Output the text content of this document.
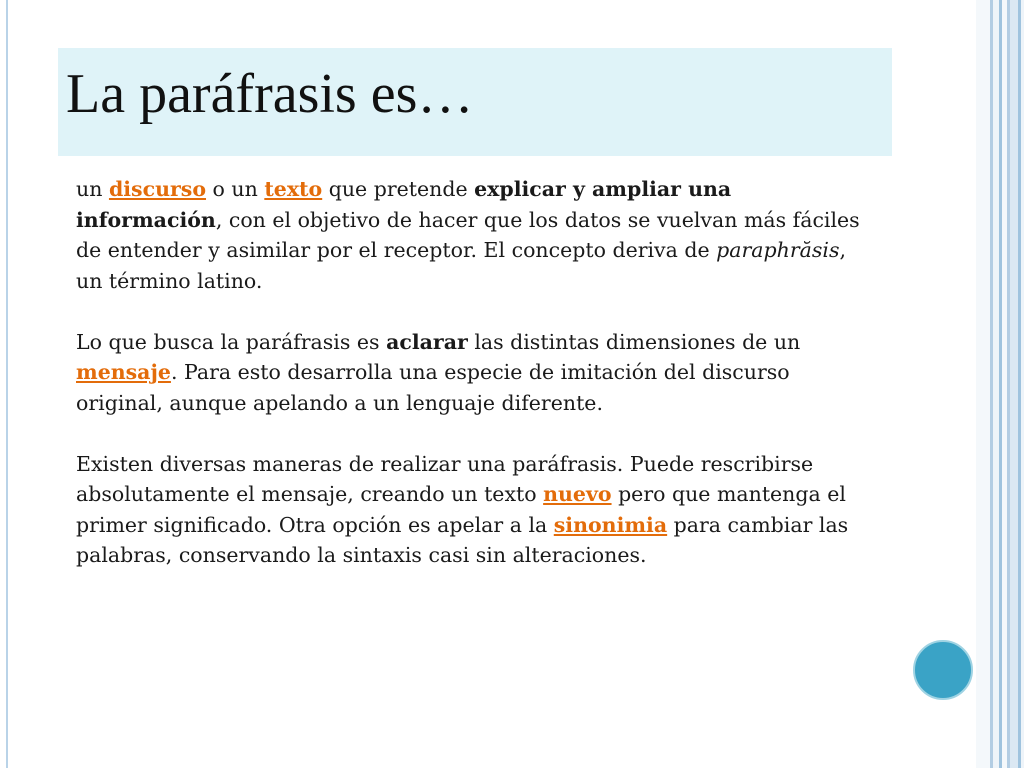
La paráfrasis es…

un discurso o un texto que pretende explicar y ampliar una información, con el objetivo de hacer que los datos se vuelvan más fáciles de entender y asimilar por el receptor. El concepto deriva de paraphrăsis, un término latino.

Lo que busca la paráfrasis es aclarar las distintas dimensiones de un mensaje. Para esto desarrolla una especie de imitación del discurso original, aunque apelando a un lenguaje diferente.

Existen diversas maneras de realizar una paráfrasis. Puede rescribirse absolutamente el mensaje, creando un texto nuevo pero que mantenga el primer significado. Otra opción es apelar a la sinonimia para cambiar las palabras, conservando la sintaxis casi sin alteraciones.
